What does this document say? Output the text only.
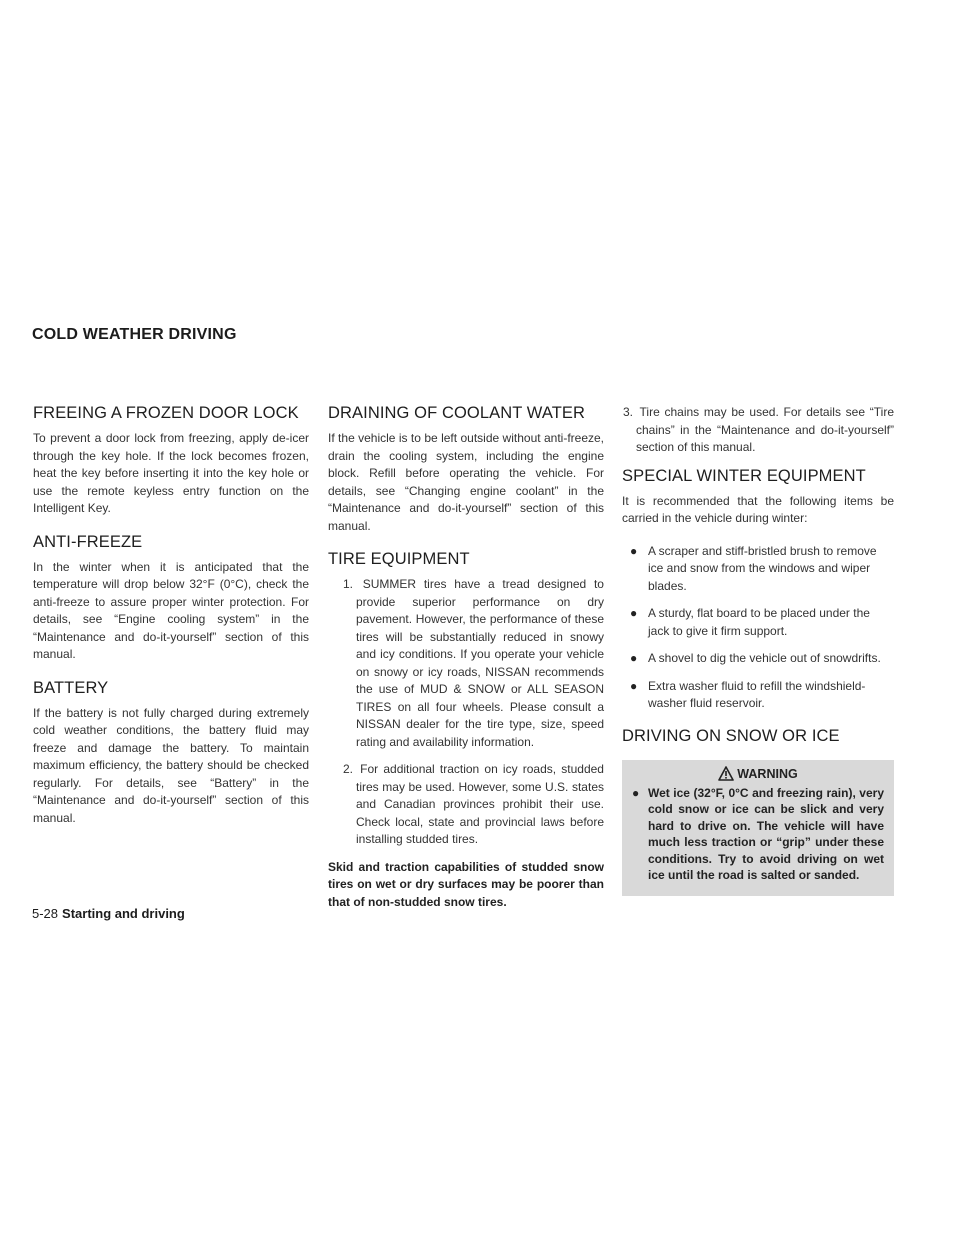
COLD WEATHER DRIVING
FREEING A FROZEN DOOR LOCK

To prevent a door lock from freezing, apply de-icer through the key hole. If the lock becomes frozen, heat the key before inserting it into the key hole or use the remote keyless entry function on the Intelligent Key.

ANTI-FREEZE

In the winter when it is anticipated that the temperature will drop below 32°F (0°C), check the anti-freeze to assure proper winter protection. For details, see “Engine cooling system” in the “Maintenance and do-it-yourself” section of this manual.

BATTERY

If the battery is not fully charged during extremely cold weather conditions, the battery fluid may freeze and damage the battery. To maintain maximum efficiency, the battery should be checked regularly. For details, see “Battery” in the “Maintenance and do-it-yourself” section of this manual.

DRAINING OF COOLANT WATER

If the vehicle is to be left outside without anti-freeze, drain the cooling system, including the engine block. Refill before operating the vehicle. For details, see “Changing engine coolant” in the “Maintenance and do-it-yourself” section of this manual.

TIRE EQUIPMENT
1. SUMMER tires have a tread designed to provide superior performance on dry pavement. However, the performance of these tires will be substantially reduced in snowy and icy conditions. If you operate your vehicle on snowy or icy roads, NISSAN recommends the use of MUD & SNOW or ALL SEASON TIRES on all four wheels. Please consult a NISSAN dealer for the tire type, size, speed rating and availability information.
2. For additional traction on icy roads, studded tires may be used. However, some U.S. states and Canadian provinces prohibit their use. Check local, state and provincial laws before installing studded tires.

Skid and traction capabilities of studded snow tires on wet or dry surfaces may be poorer than that of non-studded snow tires.

3. Tire chains may be used. For details see “Tire chains” in the “Maintenance and do-it-yourself” section of this manual.
SPECIAL WINTER EQUIPMENT

It is recommended that the following items be carried in the vehicle during winter:

● A scraper and stiff-bristled brush to remove ice and snow from the windows and wiper blades.
● A sturdy, flat board to be placed under the jack to give it firm support.
● A shovel to dig the vehicle out of snowdrifts.
● Extra washer fluid to refill the windshield-washer fluid reservoir.
DRIVING ON SNOW OR ICE
WARNING
● Wet ice (32°F, 0°C and freezing rain), very cold snow or ice can be slick and very hard to drive on. The vehicle will have much less traction or “grip” under these conditions. Try to avoid driving on wet ice until the road is salted or sanded.
5-28 Starting and driving
